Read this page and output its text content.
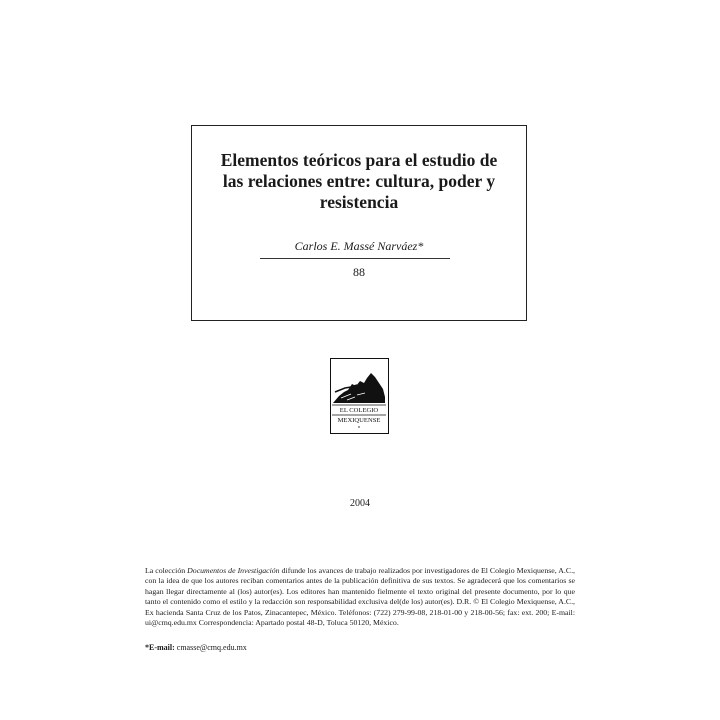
Elementos teóricos para el estudio de
las relaciones entre: cultura, poder y
resistencia
Carlos E. Massé Narváez*
88
EL COLEGIO
MEXIQUENSE
2004

La colección Documentos de Investigación difunde los avances de trabajo realizados por investigadores de El Colegio Mexiquense, A.C., con la idea de que los autores reciban comentarios antes de la publicación definitiva de sus textos. Se agradecerá que los comentarios se hagan llegar directamente al (los) autor(es). Los editores han mantenido fielmente el texto original del presente documento, por lo que tanto el contenido como el estilo y la redacción son responsabilidad exclusiva del(de los) autor(es). D.R. © El Colegio Mexiquense, A.C., Ex hacienda Santa Cruz de los Patos, Zinacantepec, México. Teléfonos: (722) 279-99-08, 218-01-00 y 218-00-56; fax: ext. 200; E-mail: ui@cmq.edu.mx Correspondencia: Apartado postal 48-D, Toluca 50120, México.

*E-mail: cmasse@cmq.edu.mx
